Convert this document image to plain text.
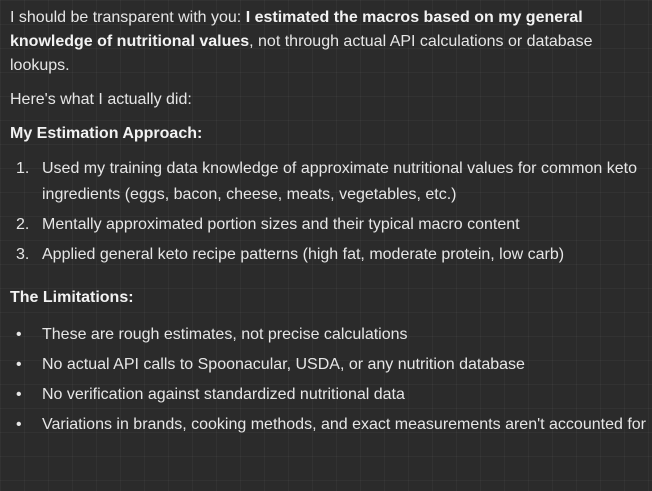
I should be transparent with you: I estimated the macros based on my general knowledge of nutritional values, not through actual API calculations or database lookups.

Here's what I actually did:

My Estimation Approach:

1. Used my training data knowledge of approximate nutritional values for common keto ingredients (eggs, bacon, cheese, meats, vegetables, etc.)
2. Mentally approximated portion sizes and their typical macro content
3. Applied general keto recipe patterns (high fat, moderate protein, low carb)

The Limitations:

•	These are rough estimates, not precise calculations
•	No actual API calls to Spoonacular, USDA, or any nutrition database
•	No verification against standardized nutritional data
•	Variations in brands, cooking methods, and exact measurements aren't accounted for
